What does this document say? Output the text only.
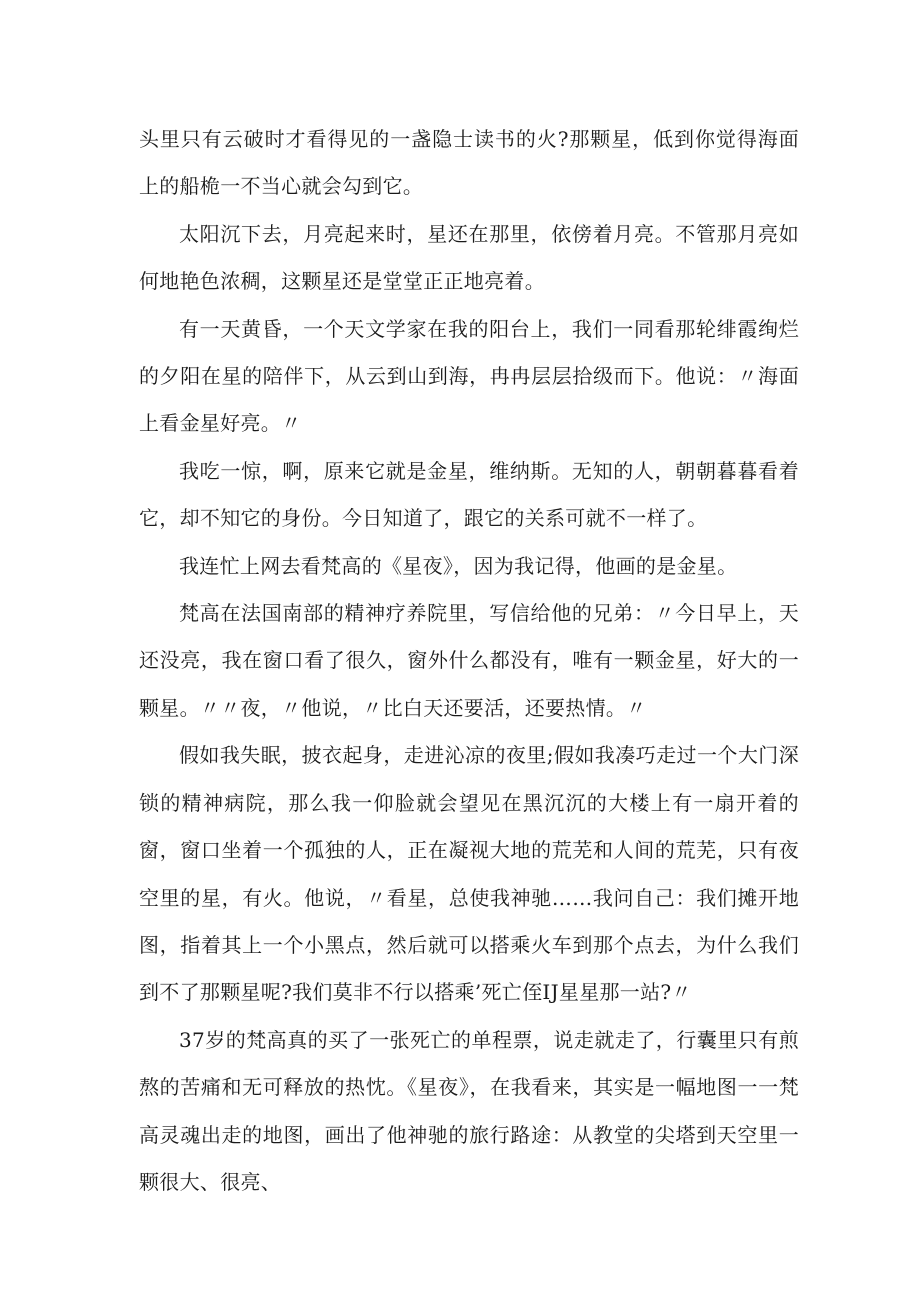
头里只有云破时才看得见的一盏隐士读书的火?那颗星，低到你觉得海面上的船桅一不当心就会勾到它。

太阳沉下去，月亮起来时，星还在那里，依傍着月亮。不管那月亮如何地艳色浓稠，这颗星还是堂堂正正地亮着。

有一天黄昏，一个天文学家在我的阳台上，我们一同看那轮绯霞绚烂的夕阳在星的陪伴下，从云到山到海，冉冉层层拾级而下。他说：〃海面上看金星好亮。〃

我吃一惊，啊，原来它就是金星，维纳斯。无知的人，朝朝暮暮看着它，却不知它的身份。今日知道了，跟它的关系可就不一样了。

我连忙上网去看梵高的《星夜》，因为我记得，他画的是金星。

梵高在法国南部的精神疗养院里，写信给他的兄弟：〃今日早上，天还没亮，我在窗口看了很久，窗外什么都没有，唯有一颗金星，好大的一颗星。〃〃夜，〃他说，〃比白天还要活，还要热情。〃

假如我失眠，披衣起身，走进沁凉的夜里;假如我凑巧走过一个大门深锁的精神病院，那么我一仰脸就会望见在黑沉沉的大楼上有一扇开着的窗，窗口坐着一个孤独的人，正在凝视大地的荒芜和人间的荒芜，只有夜空里的星，有火。他说，〃看星，总使我神驰……我问自己：我们摊开地图，指着其上一个小黑点，然后就可以搭乘火车到那个点去，为什么我们到不了那颗星呢?我们莫非不行以搭乘’死亡侄IJ星星那一站?〃

37岁的梵高真的买了一张死亡的单程票，说走就走了，行囊里只有煎熬的苦痛和无可释放的热忱。《星夜》，在我看来，其实是一幅地图一一梵高灵魂出走的地图，画出了他神驰的旅行路途：从教堂的尖塔到天空里一颗很大、很亮、
